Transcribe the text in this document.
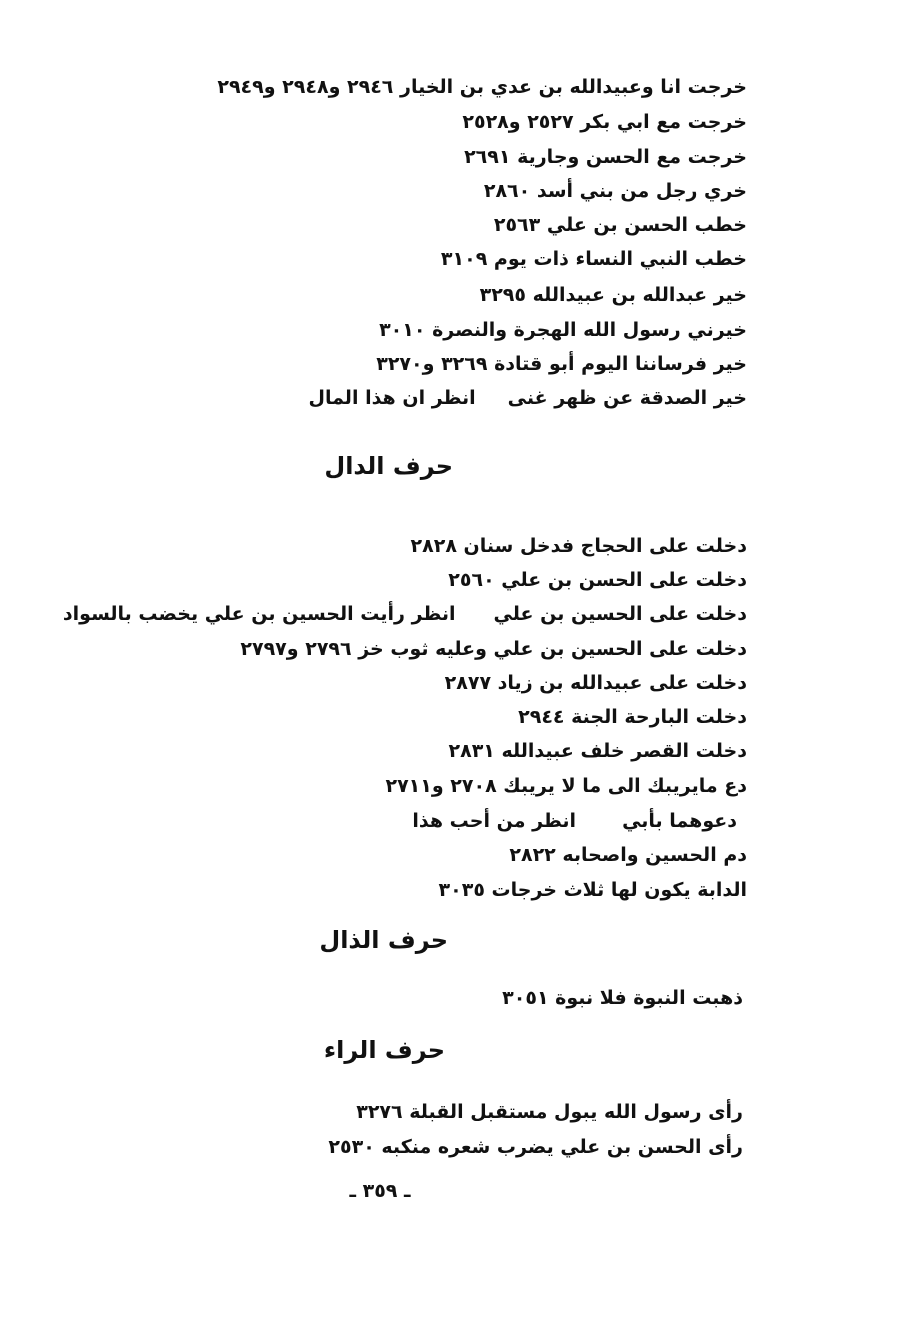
خرجت انا وعبيدالله بن عدي بن الخيار ٢٩٤٦ و٢٩٤٨ و٢٩٤٩
خرجت مع ابي بكر ٢٥٢٧ و٢٥٢٨
خرجت مع الحسن وجارية ٢٦٩١
خري رجل من بني أسد ٢٨٦٠
خطب الحسن بن علي ٢٥٦٣
خطب النبي النساء ذات يوم ٣١٠٩
خير عبدالله بن عبيدالله ٣٢٩٥
خيرني رسول الله الهجرة والنصرة ٣٠١٠
خير فرساننا اليوم أبو قتادة ٣٢٦٩ و٣٢٧٠
خير الصدقة عن ظهر غنىانظر ان هذا المال
حرف الدال
دخلت على الحجاج فدخل سنان ٢٨٢٨
دخلت على الحسن بن علي ٢٥٦٠
دخلت على الحسين بن عليانظر رأيت الحسين بن علي يخضب بالسواد
دخلت على الحسين بن علي وعليه ثوب خز ٢٧٩٦ و٢٧٩٧
دخلت على عبيدالله بن زياد ٢٨٧٧
دخلت البارحة الجنة ٢٩٤٤
دخلت القصر خلف عبيدالله ٢٨٣١
دع مايريبك الى ما لا يريبك ٢٧٠٨ و٢٧١١
دعوهما بأبيانظر من أحب هذا
دم الحسين واصحابه ٢٨٢٢
الدابة يكون لها ثلاث خرجات ٣٠٣٥
حرف الذال
ذهبت النبوة فلا نبوة ٣٠٥١
حرف الراء
رأى رسول الله يبول مستقبل القبلة ٣٢٧٦
رأى الحسن بن علي يضرب شعره منكبه ٢٥٣٠
ـ ٣٥٩ ـ
